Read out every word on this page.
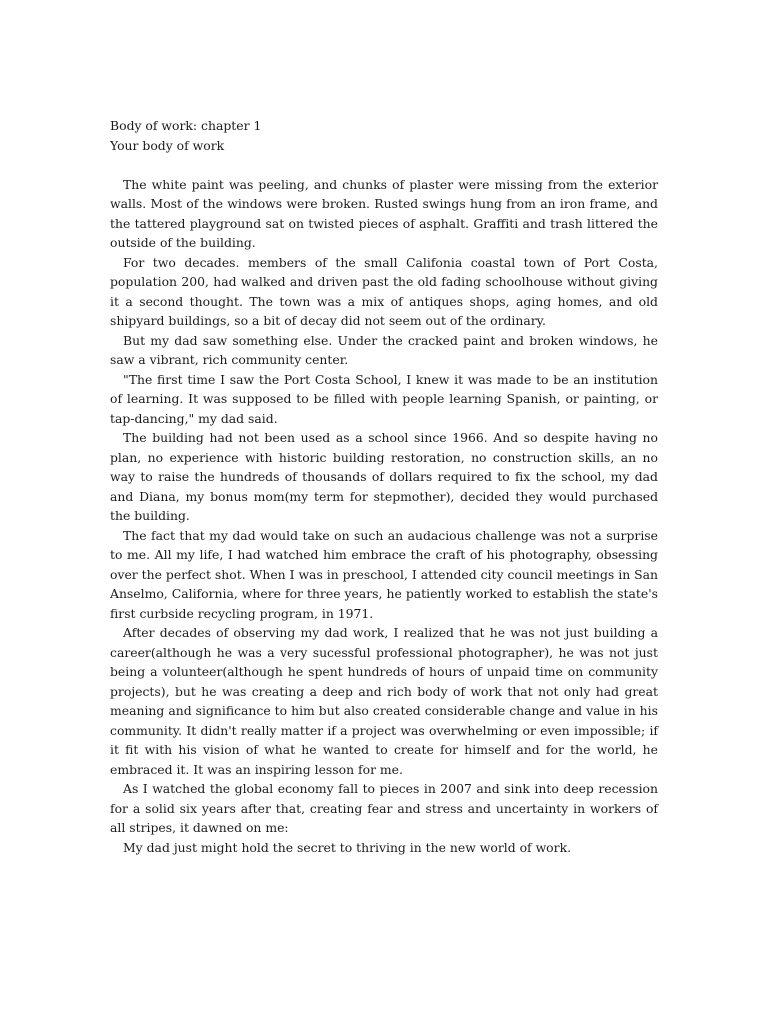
Body of work: chapter 1
Your body of work

The white paint was peeling, and chunks of plaster were missing from the exterior walls. Most of the windows were broken. Rusted swings hung from an iron frame, and the tattered playground sat on twisted pieces of asphalt. Graffiti and trash littered the outside of the building.

For two decades. members of the small Califonia coastal town of Port Costa, population 200, had walked and driven past the old fading schoolhouse without giving it a second thought. The town was a mix of antiques shops, aging homes, and old shipyard buildings, so a bit of decay did not seem out of the ordinary.

But my dad saw something else. Under the cracked paint and broken windows, he saw a vibrant, rich community center.

"The first time I saw the Port Costa School, I knew it was made to be an institution of learning. It was supposed to be filled with people learning Spanish, or painting, or tap-dancing," my dad said.

The building had not been used as a school since 1966. And so despite having no plan, no experience with historic building restoration, no construction skills, an no way to raise the hundreds of thousands of dollars required to fix the school, my dad and Diana, my bonus mom(my term for stepmother), decided they would purchased the building.

The fact that my dad would take on such an audacious challenge was not a surprise to me. All my life, I had watched him embrace the craft of his photography, obsessing over the perfect shot. When I was in preschool, I attended city council meetings in San Anselmo, California, where for three years, he patiently worked to establish the state's first curbside recycling program, in 1971.

After decades of observing my dad work, I realized that he was not just building a career(although he was a very sucessful professional photographer), he was not just being a volunteer(although he spent hundreds of hours of unpaid time on community projects), but he was creating a deep and rich body of work that not only had great meaning and significance to him but also created considerable change and value in his community. It didn't really matter if a project was overwhelming or even impossible; if it fit with his vision of what he wanted to create for himself and for the world, he embraced it. It was an inspiring lesson for me.

As I watched the global economy fall to pieces in 2007 and sink into deep recession for a solid six years after that, creating fear and stress and uncertainty in workers of all stripes, it dawned on me:

My dad just might hold the secret to thriving in the new world of work.
